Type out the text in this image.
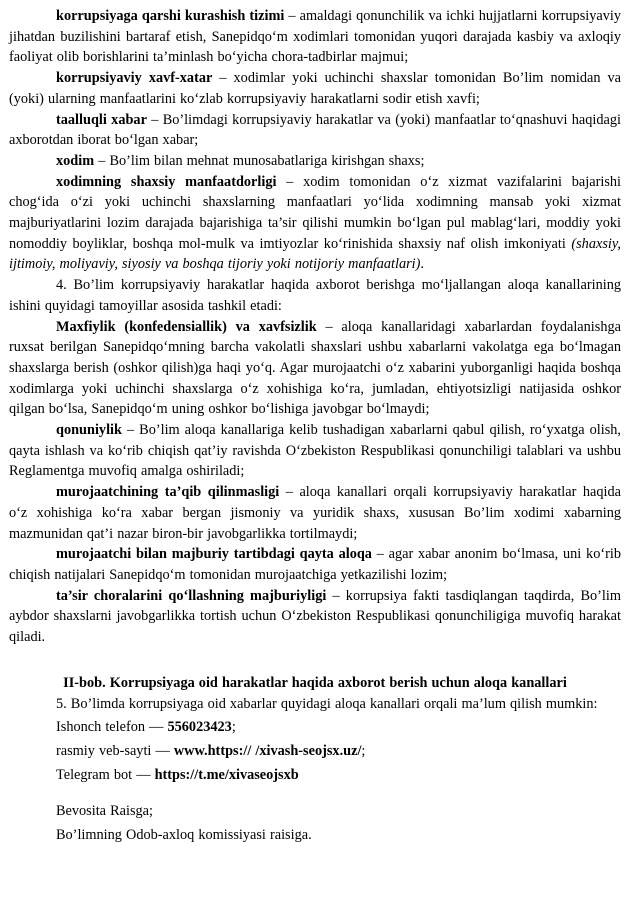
korrupsiyaga qarshi kurashish tizimi – amaldagi qonunchilik va ichki hujjatlarni korrupsiyaviy jihatdan buzilishini bartaraf etish, Sanepidqo‘m xodimlari tomonidan yuqori darajada kasbiy va axloqiy faoliyat olib borishlarini ta’minlash bo‘yicha chora-tadbirlar majmui;

korrupsiyaviy xavf-xatar – xodimlar yoki uchinchi shaxslar tomonidan Bo’lim nomidan va (yoki) ularning manfaatlarini ko‘zlab korrupsiyaviy harakatlarni sodir etish xavfi;

taalluqli xabar – Bo’limdagi korrupsiyaviy harakatlar va (yoki) manfaatlar to‘qnashuvi haqidagi axborotdan iborat bo‘lgan xabar;

xodim – Bo’lim bilan mehnat munosabatlariga kirishgan shaxs;

xodimning shaxsiy manfaatdorligi – xodim tomonidan o‘z xizmat vazifalarini bajarishi chog‘ida o‘zi yoki uchinchi shaxslarning manfaatlari yo‘lida xodimning mansab yoki xizmat majburiyatlarini lozim darajada bajarishiga ta’sir qilishi mumkin bo‘lgan pul mablag‘lari, moddiy yoki nomoddiy boyliklar, boshqa mol-mulk va imtiyozlar ko‘rinishida shaxsiy naf olish imkoniyati (shaxsiy, ijtimoiy, moliyaviy, siyosiy va boshqa tijoriy yoki notijoriy manfaatlari).

4. Bo’lim korrupsiyaviy harakatlar haqida axborot berishga mo‘ljallangan aloqa kanallarining ishini quyidagi tamoyillar asosida tashkil etadi:

Maxfiylik (konfedensiallik) va xavfsizlik – aloqa kanallaridagi xabarlardan foydalanishga ruxsat berilgan Sanepidqo‘mning barcha vakolatli shaxslari ushbu xabarlarni vakolatga ega bo‘lmagan shaxslarga berish (oshkor qilish)ga haqi yo‘q. Agar murojaatchi o‘z xabarini yuborganligi haqida boshqa xodimlarga yoki uchinchi shaxslarga o‘z xohishiga ko‘ra, jumladan, ehtiyotsizligi natijasida oshkor qilgan bo‘lsa, Sanepidqo‘m uning oshkor bo‘lishiga javobgar bo‘lmaydi;

qonuniylik – Bo’lim aloqa kanallariga kelib tushadigan xabarlarni qabul qilish, ro‘yxatga olish, qayta ishlash va ko‘rib chiqish qat’iy ravishda O‘zbekiston Respublikasi qonunchiligi talablari va ushbu Reglamentga muvofiq amalga oshiriladi;

murojaatchining ta’qib qilinmasligi – aloqa kanallari orqali korrupsiyaviy harakatlar haqida o‘z xohishiga ko‘ra xabar bergan jismoniy va yuridik shaxs, xususan Bo’lim xodimi xabarning mazmunidan qat’i nazar biron-bir javobgarlikka tortilmaydi;

murojaatchi bilan majburiy tartibdagi qayta aloqa – agar xabar anonim bo‘lmasa, uni ko‘rib chiqish natijalari Sanepidqo‘m tomonidan murojaatchiga yetkazilishi lozim;

ta’sir choralarini qo‘llashning majburiyligi – korrupsiya fakti tasdiqlangan taqdirda, Bo’lim aybdor shaxslarni javobgarlikka tortish uchun O‘zbekiston Respublikasi qonunchiligiga muvofiq harakat qiladi.

II-bob. Korrupsiyaga oid harakatlar haqida axborot berish uchun aloqa kanallari

5. Bo’limda korrupsiyaga oid xabarlar quyidagi aloqa kanallari orqali ma’lum qilish mumkin:

Ishonch telefon — 556023423;

rasmiy veb-sayti — www.https:// /xivash-seojsx.uz/;

Telegram bot — https://t.me/xivaseojsxb

Bevosita Raisga;

Bo’limning Odob-axloq komissiyasi raisiga.
